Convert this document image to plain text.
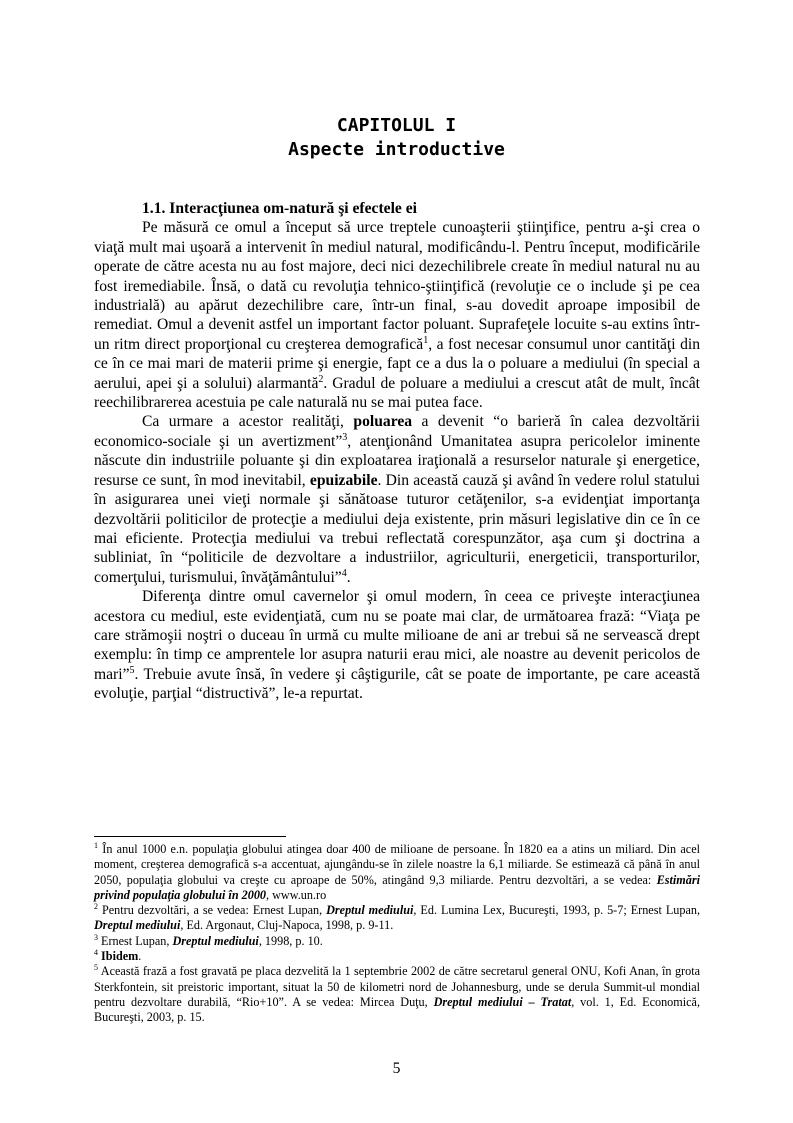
CAPITOLUL I
Aspecte introductive

1.1. Interacţiunea om-natură şi efectele ei

Pe măsură ce omul a început să urce treptele cunoaşterii ştiinţifice, pentru a-şi crea o viaţă mult mai uşoară a intervenit în mediul natural, modificându-l. Pentru început, modificările operate de către acesta nu au fost majore, deci nici dezechilibrele create în mediul natural nu au fost iremediabile. Însă, o dată cu revoluţia tehnico-ştiinţifică (revoluţie ce o include şi pe cea industrială) au apărut dezechilibre care, într-un final, s-au dovedit aproape imposibil de remediat. Omul a devenit astfel un important factor poluant. Suprafeţele locuite s-au extins într-un ritm direct proporţional cu creşterea demografică$^1$, a fost necesar consumul unor cantităţi din ce în ce mai mari de materii prime şi energie, fapt ce a dus la o poluare a mediului (în special a aerului, apei şi a solului) alarmantă$^2$. Gradul de poluare a mediului a crescut atât de mult, încât reechilibrarerea acestuia pe cale naturală nu se mai putea face.

Ca urmare a acestor realităţi, poluarea a devenit “o barieră în calea dezvoltării economico-sociale şi un avertizment”$^3$, atenţionând Umanitatea asupra pericolelor iminente născute din industriile poluante şi din exploatarea iraţională a resurselor naturale şi energetice, resurse ce sunt, în mod inevitabil, epuizabile. Din această cauză şi având în vedere rolul statului în asigurarea unei vieţi normale şi sănătoase tuturor cetăţenilor, s-a evidenţiat importanţa dezvoltării politicilor de protecţie a mediului deja existente, prin măsuri legislative din ce în ce mai eficiente. Protecţia mediului va trebui reflectată corespunzător, aşa cum şi doctrina a subliniat, în “politicile de dezvoltare a industriilor, agriculturii, energeticii, transporturilor, comerţului, turismului, învăţământului”$^4$.

Diferenţa dintre omul cavernelor şi omul modern, în ceea ce priveşte interacţiunea acestora cu mediul, este evidenţiată, cum nu se poate mai clar, de următoarea frază: “Viaţa pe care strămoşii noştri o duceau în urmă cu multe milioane de ani ar trebui să ne servească drept exemplu: în timp ce amprentele lor asupra naturii erau mici, ale noastre au devenit pericolos de mari”$^5$. Trebuie avute însă, în vedere şi câştigurile, cât se poate de importante, pe care această evoluţie, parţial “distructivă”, le-a repurtat.

$^1$ În anul 1000 e.n. populaţia globului atingea doar 400 de milioane de persoane. În 1820 ea a atins un miliard. Din acel moment, creşterea demografică s-a accentuat, ajungându-se în zilele noastre la 6,1 miliarde. Se estimează că până în anul 2050, populaţia globului va creşte cu aproape de 50%, atingând 9,3 miliarde. Pentru dezvoltări, a se vedea: Estimări privind populaţia globului în 2000, www.un.ro

$^2$ Pentru dezvoltări, a se vedea: Ernest Lupan, Dreptul mediului, Ed. Lumina Lex, Bucureşti, 1993, p. 5-7; Ernest Lupan, Dreptul mediului, Ed. Argonaut, Cluj-Napoca, 1998, p. 9-11.

$^3$ Ernest Lupan, Dreptul mediului, 1998, p. 10.

$^4$ Ibidem.

$^5$ Această frază a fost gravată pe placa dezvelită la 1 septembrie 2002 de către secretarul general ONU, Kofi Anan, în grota Sterkfontein, sit preistoric important, situat la 50 de kilometri nord de Johannesburg, unde se derula Summit-ul mondial pentru dezvoltare durabilă, “Rio+10”. A se vedea: Mircea Duţu, Dreptul mediului – Tratat, vol. 1, Ed. Economică, Bucureşti, 2003, p. 15.

5
